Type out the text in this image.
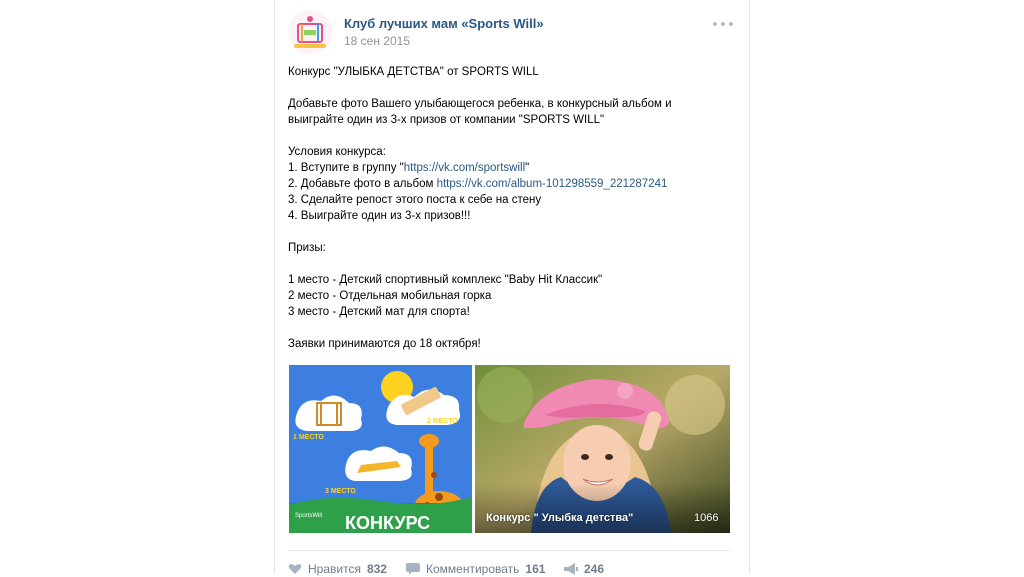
Клуб лучших мам «Sports Will»
18 сен 2015

Конкурс "УЛЫБКА ДЕТСТВА" от SPORTS WILL

Добавьте фото Вашего улыбающегося ребенка, в конкурсный альбом и

выиграйте один из 3-х призов от компании "SPORTS WILL"

Условия конкурса:

1. Вступите в группу "https://vk.com/sportswill"

2. Добавьте фото в альбом https://vk.com/album-101298559_221287241

3. Сделайте репост этого поста к себе на стену

4. Выиграйте один из 3-х призов!!!

Призы:

1 место - Детский спортивный комплекс "Baby Hit Классик"

2 место - Отдельная мобильная горка

3 место - Детский мат для спорта!

Заявки принимаются до 18 октября!

1 МЕСТО
2 МЕСТО
3 МЕСТО
SportsWill КОНКУРС	Конкурс " Улыбка детства"	1066
Нравится 832	Комментировать 161	246
